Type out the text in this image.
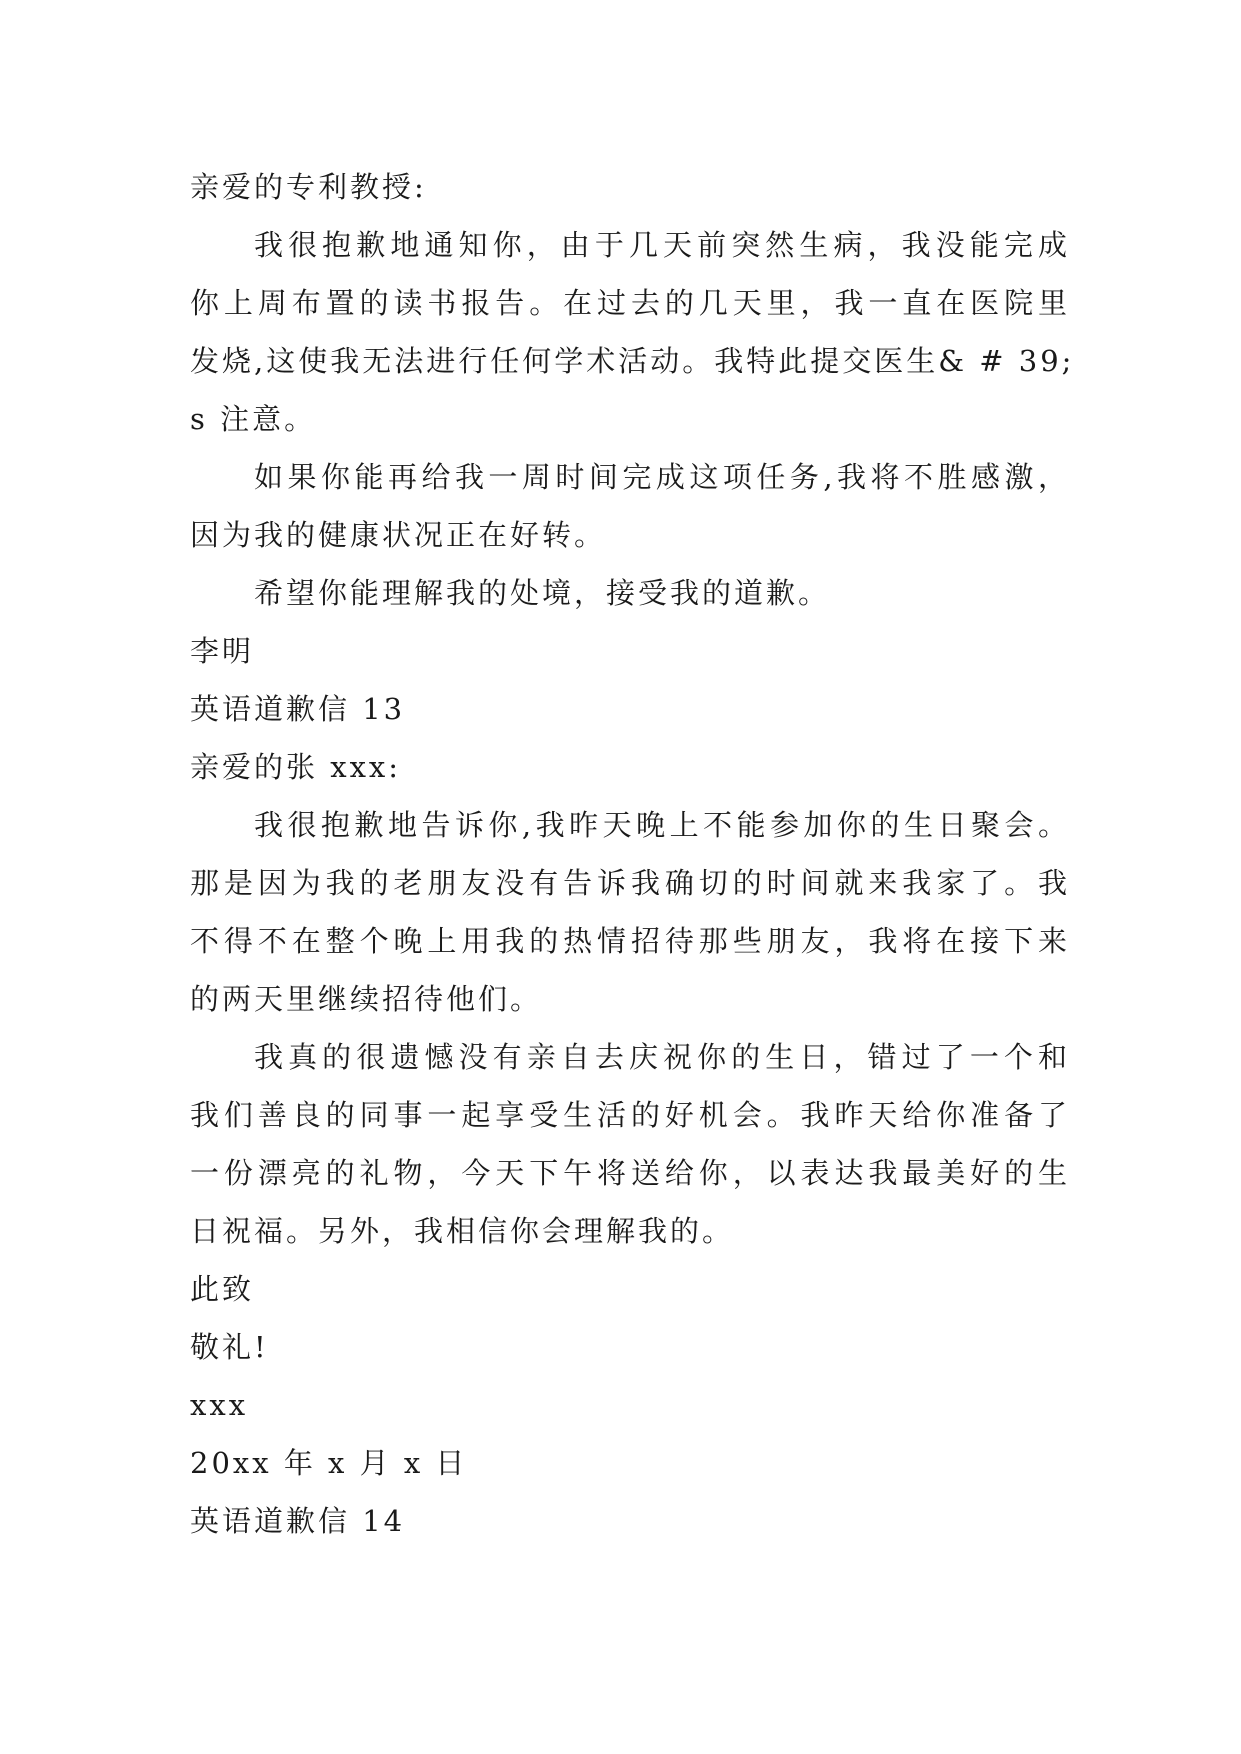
亲爱的专利教授:
我很抱歉地通知你，由于几天前突然生病，我没能完成
你上周布置的读书报告。在过去的几天里，我一直在医院里
发烧,这使我无法进行任何学术活动。我特此提交医生& # 39;
s 注意。
如果你能再给我一周时间完成这项任务,我将不胜感激，
因为我的健康状况正在好转。
希望你能理解我的处境，接受我的道歉。
李明
英语道歉信 13
亲爱的张 xxx:
我很抱歉地告诉你,我昨天晚上不能参加你的生日聚会。
那是因为我的老朋友没有告诉我确切的时间就来我家了。我
不得不在整个晚上用我的热情招待那些朋友，我将在接下来
的两天里继续招待他们。
我真的很遗憾没有亲自去庆祝你的生日，错过了一个和
我们善良的同事一起享受生活的好机会。我昨天给你准备了
一份漂亮的礼物，今天下午将送给你，以表达我最美好的生
日祝福。另外，我相信你会理解我的。
此致
敬礼!
xxx
20xx 年 x 月 x 日
英语道歉信 14
